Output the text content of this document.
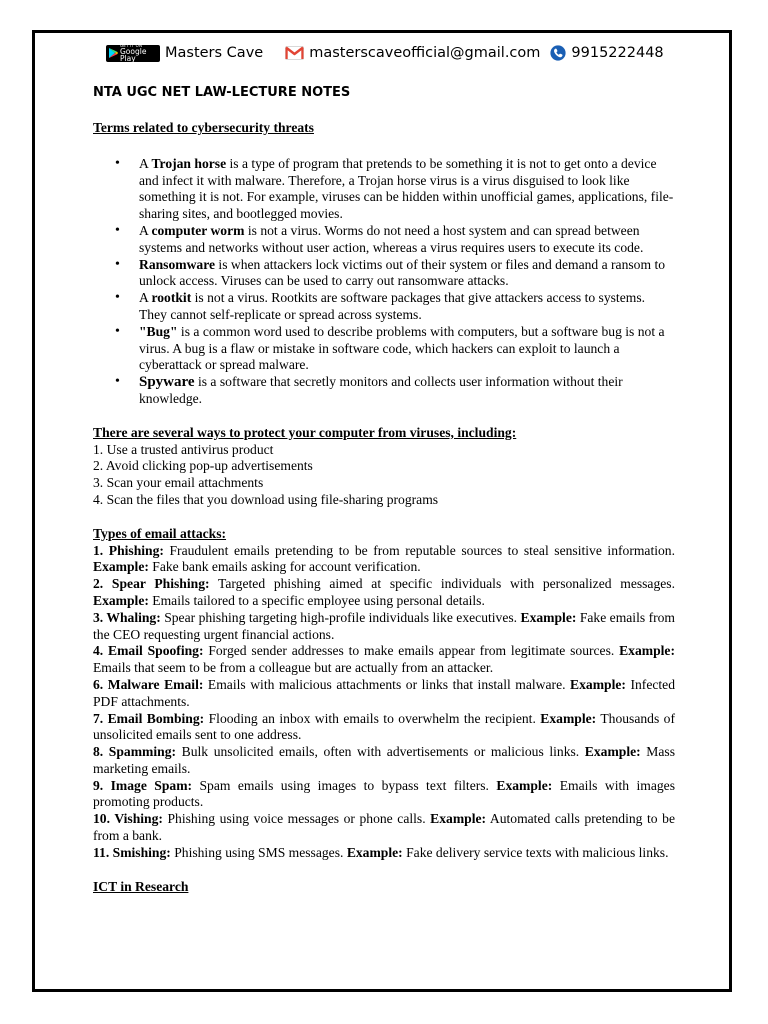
GET IT ON
Google Play	Masters Cave	masterscaveofficial@gmail.com 9915222448
NTA UGC NET LAW-LECTURE NOTES
Terms related to cybersecurity threats
• A Trojan horse is a type of program that pretends to be something it is not to get onto a device and infect it with malware. Therefore, a Trojan horse virus is a virus disguised to look like something it is not. For example, viruses can be hidden within unofficial games, applications, file-sharing sites, and bootlegged movies.
• A computer worm is not a virus. Worms do not need a host system and can spread between systems and networks without user action, whereas a virus requires users to execute its code.
• Ransomware is when attackers lock victims out of their system or files and demand a ransom to unlock access. Viruses can be used to carry out ransomware attacks.
• A rootkit is not a virus. Rootkits are software packages that give attackers access to systems. They cannot self-replicate or spread across systems.
• "Bug" is a common word used to describe problems with computers, but a software bug is not a virus. A bug is a flaw or mistake in software code, which hackers can exploit to launch a cyberattack or spread malware.
• Spyware is a software that secretly monitors and collects user information without their knowledge.
There are several ways to protect your computer from viruses, including:
1. Use a trusted antivirus product
2. Avoid clicking pop-up advertisements
3. Scan your email attachments
4. Scan the files that you download using file-sharing programs
Types of email attacks:
1. Phishing: Fraudulent emails pretending to be from reputable sources to steal sensitive information. Example: Fake bank emails asking for account verification.
2. Spear Phishing: Targeted phishing aimed at specific individuals with personalized messages. Example: Emails tailored to a specific employee using personal details.
3. Whaling: Spear phishing targeting high-profile individuals like executives. Example: Fake emails from the CEO requesting urgent financial actions.
4. Email Spoofing: Forged sender addresses to make emails appear from legitimate sources. Example: Emails that seem to be from a colleague but are actually from an attacker.
6. Malware Email: Emails with malicious attachments or links that install malware. Example: Infected PDF attachments.
7. Email Bombing: Flooding an inbox with emails to overwhelm the recipient. Example: Thousands of unsolicited emails sent to one address.
8. Spamming: Bulk unsolicited emails, often with advertisements or malicious links. Example: Mass marketing emails.
9. Image Spam: Spam emails using images to bypass text filters. Example: Emails with images promoting products.
10. Vishing: Phishing using voice messages or phone calls. Example: Automated calls pretending to be from a bank.
11. Smishing: Phishing using SMS messages. Example: Fake delivery service texts with malicious links.
ICT in Research
